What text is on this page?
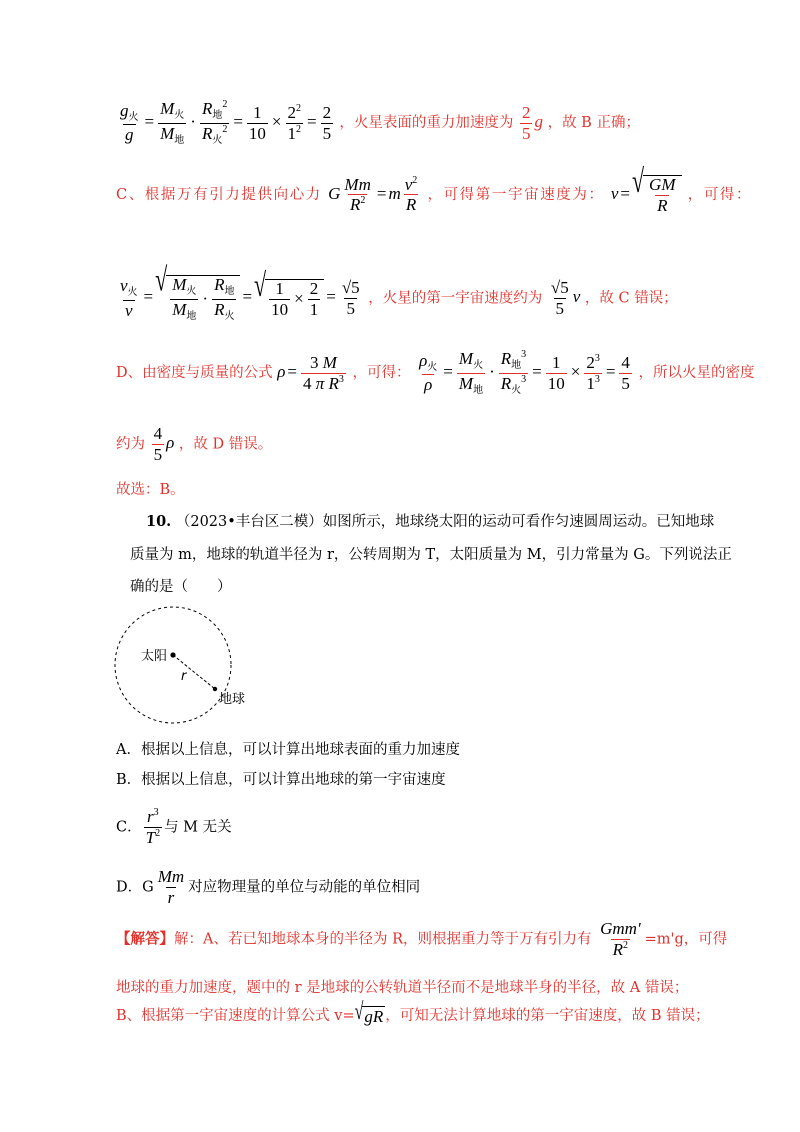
$\frac{g_火}{g} = \frac{M_火}{M_地} \cdot \frac{R_地^2}{R_火^2} = \frac{1}{10} \times \frac{2^2}{1^2} = \frac{2}{5}$ ，火星表面的重力加速度为 $\frac{2}{5}$ g ，故 B 正确；
C、根据万有引力提供向心力 G $\frac{Mm}{R^2} = m \frac{v^2}{R}$ ，可得第一宇宙速度为： v = √ $\frac{GM}{R}$ ，可得：
$\frac{v_火}{v}$ = √ $\frac{M_火}{M_地} \cdot \frac{R_地}{R_火}$ = √ $\frac{1}{10} \times \frac{2}{1} = \frac{√5}{5}$ ，火星的第一宇宙速度约为 $\frac{√5}{5}$ v ，故 C 错误；
D、由密度与质量的公式 $\rho = \frac{3 M}{4 \pi R^3}$ ，可得： $\frac{\rho_火}{\rho} = \frac{M_火}{M_地} \cdot \frac{R_地^3}{R_火^3} = \frac{1}{10} \times \frac{2^3}{1^3} = \frac{4}{5}$ ，所以火星的密度
约为 $\frac{4}{5}$ ρ ，故 D 错误。
故选：B。
10. （2023•丰台区二模）如图所示，地球绕太阳的运动可看作匀速圆周运动。已知地球
质量为 m，地球的轨道半径为 r，公转周期为 T，太阳质量为 M，引力常量为 G。下列说法正
确的是（　　）
太阳
r
地球
A．根据以上信息，可以计算出地球表面的重力加速度
B．根据以上信息，可以计算出地球的第一宇宙速度
C． $\frac{r^3}{T^2}$ 与 M 无关
D．G $\frac{Mm}{r}$ 对应物理量的单位与动能的单位相同
【解答】解：A、若已知地球本身的半径为 R，则根据重力等于万有引力有 $\frac{\text{Gmm'}}{R^2} =m'g$，可得
地球的重力加速度，题中的 r 是地球的公转轨道半径而不是地球半身的半径，故 A 错误；
B、根据第一宇宙速度的计算公式 v= √ gR ，可知无法计算地球的第一宇宙速度，故 B 错误；
